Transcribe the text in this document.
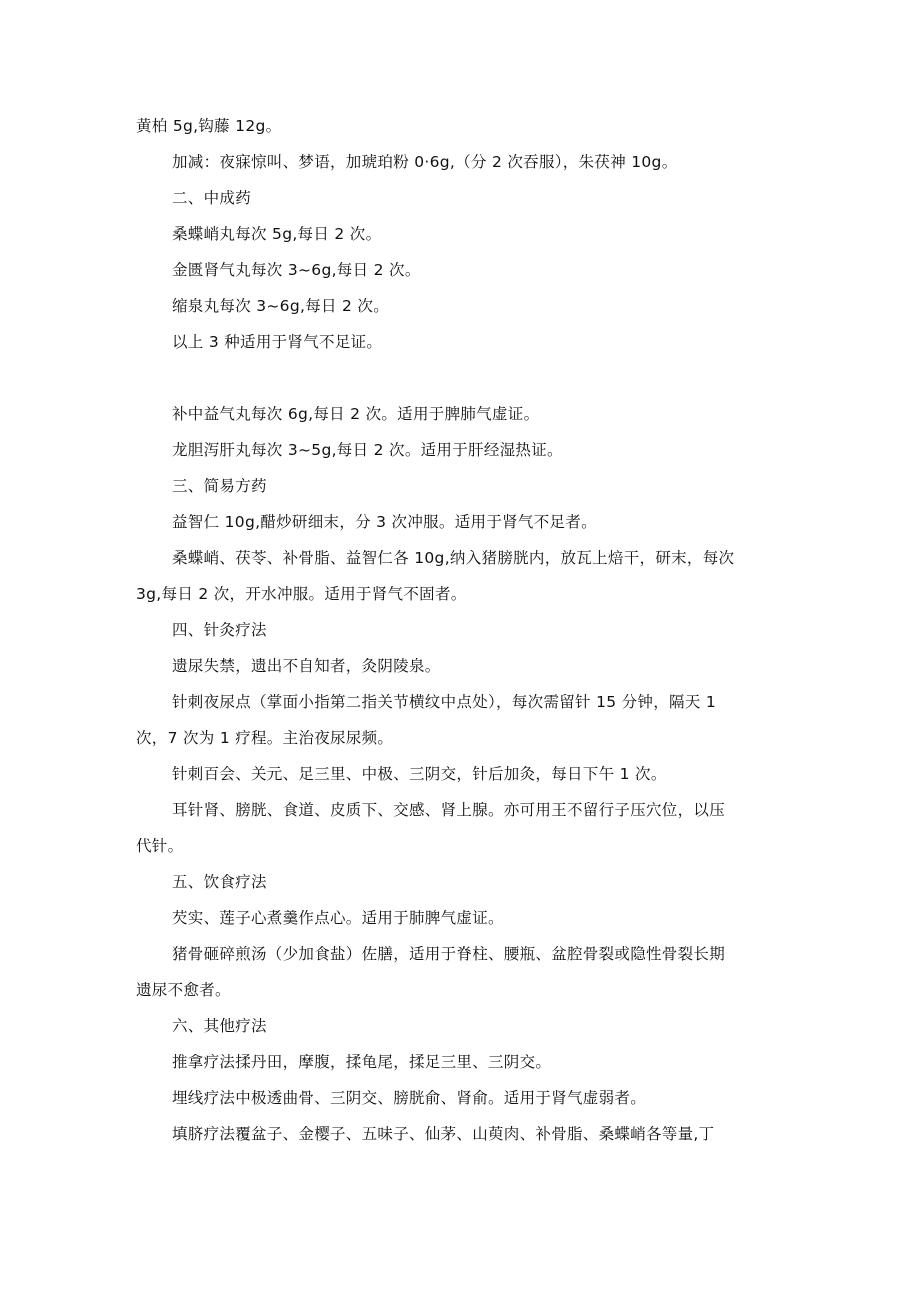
黄柏 5g,钩藤 12g。
加减：夜寐惊叫、梦语，加琥珀粉 0·6g,（分 2 次吞服），朱茯神 10g。
二、中成药
桑蝶峭丸每次 5g,每日 2 次。
金匮肾气丸每次 3~6g,每日 2 次。
缩泉丸每次 3~6g,每日 2 次。
以上 3 种适用于肾气不足证。
补中益气丸每次 6g,每日 2 次。适用于脾肺气虚证。
龙胆泻肝丸每次 3~5g,每日 2 次。适用于肝经湿热证。
三、简易方药
益智仁 10g,醋炒研细末，分 3 次冲服。适用于肾气不足者。
桑蝶峭、茯苓、补骨脂、益智仁各 10g,纳入猪膀胱内，放瓦上焙干，研末，每次
3g,每日 2 次，开水冲服。适用于肾气不固者。
四、针灸疗法
遗尿失禁，遗出不自知者，灸阴陵泉。
针刺夜尿点（掌面小指第二指关节横纹中点处），每次需留针 15 分钟，隔天 1
次，7 次为 1 疗程。主治夜尿尿频。
针刺百会、关元、足三里、中极、三阴交，针后加灸，每日下午 1 次。
耳针肾、膀胱、食道、皮质下、交感、肾上腺。亦可用王不留行子压穴位，以压
代针。
五、饮食疗法
芡实、莲子心煮羹作点心。适用于肺脾气虚证。
猪骨砸碎煎汤（少加食盐）佐膳，适用于脊柱、腰瓶、盆腔骨裂或隐性骨裂长期
遗尿不愈者。
六、其他疗法
推拿疗法揉丹田，摩腹，揉龟尾，揉足三里、三阴交。
埋线疗法中极透曲骨、三阴交、膀胱俞、肾俞。适用于肾气虚弱者。
填脐疗法覆盆子、金樱子、五味子、仙茅、山萸肉、补骨脂、桑蝶峭各等量,丁
